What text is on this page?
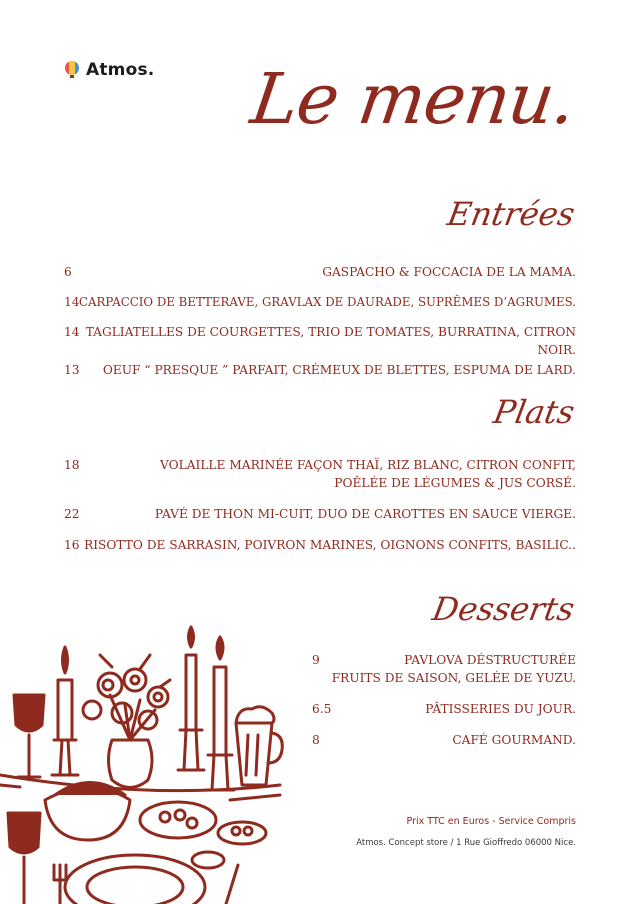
Atmos. Le menu.
Entrées
6	GASPACHO & FOCCACIA DE LA MAMA.
14 CARPACCIO DE BETTERAVE, GRAVLAX DE DAURADE, SUPRÊMES D’AGRUMES.
14 TAGLIATELLES DE COURGETTES, TRIO DE TOMATES, BURRATINA, CITRON
NOIR.
13 OEUF “ PRESQUE ” PARFAIT, CRÉMEUX DE BLETTES, ESPUMA DE LARD.
Plats
18	VOLAILLE MARINÉE FAÇON THAÏ, RIZ BLANC, CITRON CONFIT,
POÊLÉE DE LÉGUMES & JUS CORSÉ.
22	PAVÉ DE THON MI-CUIT, DUO DE CAROTTES EN SAUCE VIERGE.
16 RISOTTO DE SARRASIN, POIVRON MARINES, OIGNONS CONFITS, BASILIC..
Desserts
9	PAVLOVA DÉSTRUCTURÉE
FRUITS DE SAISON, GELÉE DE YUZU.
6.5	PÂTISSERIES DU JOUR.
8	CAFÉ GOURMAND.
Prix TTC en Euros - Service Compris
Atmos. Concept store / 1 Rue Gioffredo 06000 Nice.
